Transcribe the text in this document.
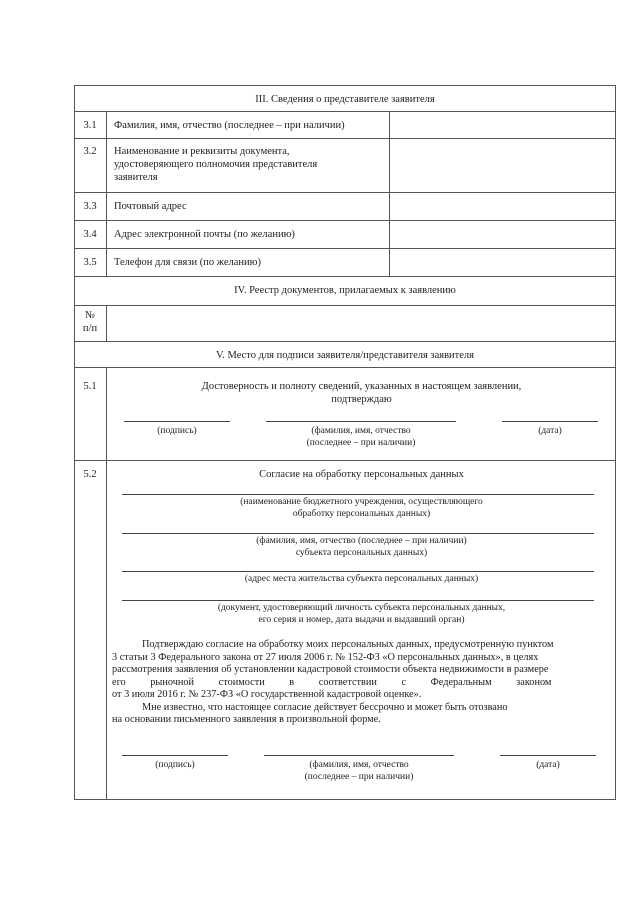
III. Сведения о представителе заявителя
3.1	Фамилия, имя, отчество (последнее – при наличии)
3.2	Наименование и реквизиты документа,
удостоверяющего полномочия представителя
заявителя
3.3	Почтовый адрес
3.4	Адрес электронной почты (по желанию)
3.5	Телефон для связи (по желанию)
IV. Реестр документов, прилагаемых к заявлению
№
п/п
V. Место для подписи заявителя/представителя заявителя
5.1	Достоверность и полноту сведений, указанных в настоящем заявлении,
подтверждаю
(подпись)	(фамилия, имя, отчество
(последнее – при наличии)
(дата)
5.2	Согласие на обработку персональных данных
(наименование бюджетного учреждения, осуществляющего
обработку персональных данных)
(фамилия, имя, отчество (последнее – при наличии)
субъекта персональных данных)
(адрес места жительства субъекта персональных данных)
(документ, удостоверяющий личность субъекта персональных данных,
его серия и номер, дата выдачи и выдавший орган)
Подтверждаю согласие на обработку моих персональных данных, предусмотренную пунктом
3 статьи 3 Федерального закона от 27 июля 2006 г. № 152-ФЗ «О персональных данных», в целях
рассмотрения заявления об установлении кадастровой стоимости объекта недвижимости в размере
его рыночной стоимости в соответствии с Федеральным законом
от 3 июля 2016 г. № 237-ФЗ «О государственной кадастровой оценке».
Мне известно, что настоящее согласие действует бессрочно и может быть отозвано
на основании письменного заявления в произвольной форме.
(подпись)	(фамилия, имя, отчество
(последнее – при наличии)
(дата)
